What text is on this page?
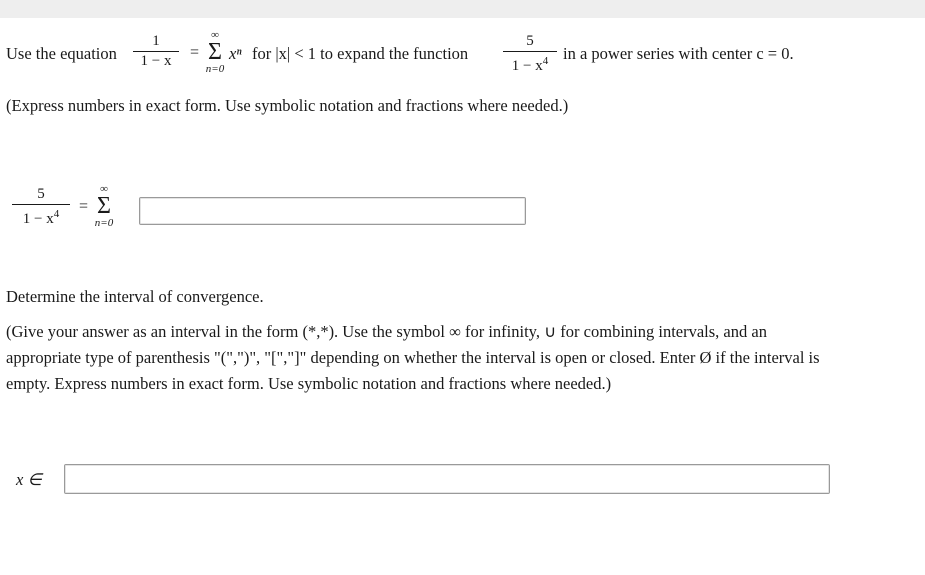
Use the equation
1
1 − x	=
∞
Σ
n=0
xⁿ for |x| < 1 to expand the function
5
$1 - x^4$ in a power series with center c = 0.
(Express numbers in exact form. Use symbolic notation and fractions where needed.)
5
$1 - x^4$	=
∞
Σ
n=0
Determine the interval of convergence.
(Give your answer as an interval in the form (*,*). Use the symbol ∞ for infinity, ∪ for combining intervals, and an
appropriate type of parenthesis "(",")", "[","]" depending on whether the interval is open or closed. Enter Ø if the interval is
empty. Express numbers in exact form. Use symbolic notation and fractions where needed.)
x ∈
